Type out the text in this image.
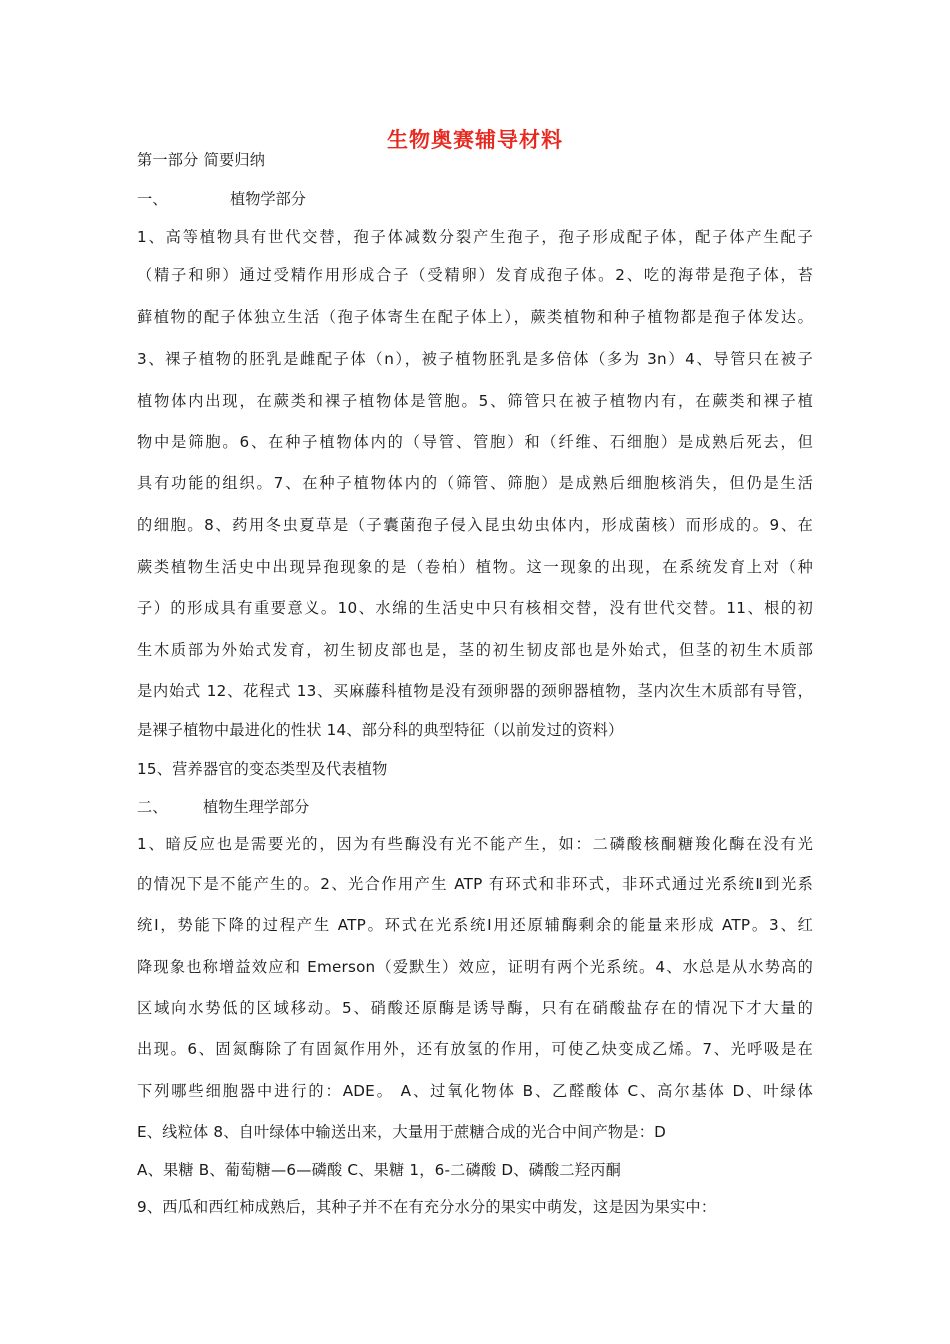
生物奥赛辅导材料
第一部分 简要归纳
一、	植物学部分
1、高等植物具有世代交替，孢子体减数分裂产生孢子，孢子形成配子体，配子体产生配子
（精子和卵）通过受精作用形成合子（受精卵）发育成孢子体。2、吃的海带是孢子体，苔
藓植物的配子体独立生活（孢子体寄生在配子体上），蕨类植物和种子植物都是孢子体发达。
3、裸子植物的胚乳是雌配子体（n），被子植物胚乳是多倍体（多为 3n）4、导管只在被子
植物体内出现，在蕨类和裸子植物体是管胞。5、筛管只在被子植物内有，在蕨类和裸子植
物中是筛胞。6、在种子植物体内的（导管、管胞）和（纤维、石细胞）是成熟后死去，但
具有功能的组织。7、在种子植物体内的（筛管、筛胞）是成熟后细胞核消失，但仍是生活
的细胞。8、药用冬虫夏草是（子囊菌孢子侵入昆虫幼虫体内，形成菌核）而形成的。9、在
蕨类植物生活史中出现异孢现象的是（卷柏）植物。这一现象的出现，在系统发育上对（种
子）的形成具有重要意义。10、水绵的生活史中只有核相交替，没有世代交替。11、根的初
生木质部为外始式发育，初生韧皮部也是，茎的初生韧皮部也是外始式，但茎的初生木质部
是内始式 12、花程式 13、买麻藤科植物是没有颈卵器的颈卵器植物，茎内次生木质部有导管，
是裸子植物中最进化的性状 14、部分科的典型特征（以前发过的资料）
15、营养器官的变态类型及代表植物
二、 植物生理学部分
1、暗反应也是需要光的，因为有些酶没有光不能产生，如：二磷酸核酮糖羧化酶在没有光
的情况下是不能产生的。2、光合作用产生 ATP 有环式和非环式，非环式通过光系统Ⅱ到光系
统Ⅰ，势能下降的过程产生 ATP。环式在光系统Ⅰ用还原辅酶剩余的能量来形成 ATP。3、红
降现象也称增益效应和 Emerson（爱默生）效应，证明有两个光系统。4、水总是从水势高的
区域向水势低的区域移动。5、硝酸还原酶是诱导酶，只有在硝酸盐存在的情况下才大量的
出现。6、固氮酶除了有固氮作用外，还有放氢的作用，可使乙炔变成乙烯。7、光呼吸是在
下列哪些细胞器中进行的：ADE。 A、过氧化物体 B、乙醛酸体 C、高尔基体 D、叶绿体
E、线粒体 8、自叶绿体中输送出来，大量用于蔗糖合成的光合中间产物是：D
A、果糖 B、葡萄糖—6—磷酸 C、果糖 1，6-二磷酸 D、磷酸二羟丙酮
9、西瓜和西红柿成熟后，其种子并不在有充分水分的果实中萌发，这是因为果实中：
